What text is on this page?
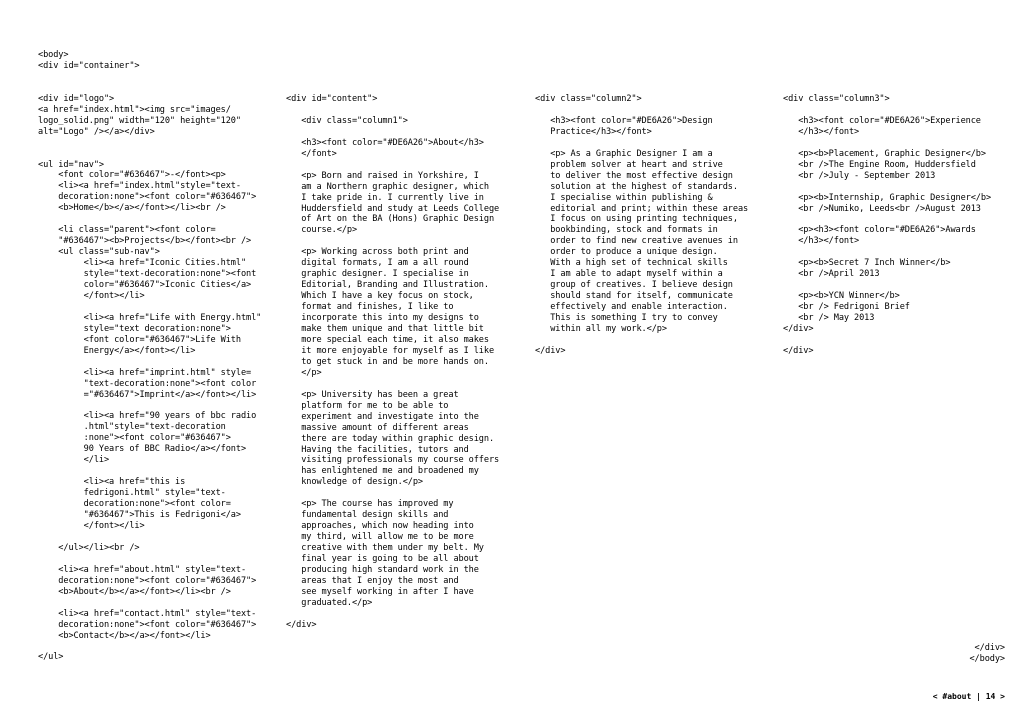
<body>
<div id="container">

<div id="logo">
<a href="index.html"><img src="images/
logo_solid.png" width="120" height="120"
alt="Logo" /></a></div>

<ul id="nav">
<font color="#636467">-</font><p>
<li><a href="index.html"style="text-
decoration:none"><font color="#636467">
<b>Home</b></a></font></li><br />

<li class="parent"><font color=
"#636467"><b>Projects</b></font><br />
<ul class="sub-nav">
<li><a href="Iconic Cities.html"
style="text-decoration:none"><font
color="#636467">Iconic Cities</a>
</font></li>

<li><a href="Life with Energy.html"
style="text decoration:none">
<font color="#636467">Life With
Energy</a></font></li>

<li><a href="imprint.html" style=
"text-decoration:none"><font color
="#636467">Imprint</a></font></li>

<li><a href="90 years of bbc radio
.html"style="text-decoration
:none"><font color="#636467">
90 Years of BBC Radio</a></font>
</li>

<li><a href="this is
fedrigoni.html" style="text-
decoration:none"><font color=
"#636467">This is Fedrigoni</a>
</font></li>

</ul></li><br />

<li><a href="about.html" style="text-
decoration:none"><font color="#636467">
<b>About</b></a></font></li><br />

<li><a href="contact.html" style="text-
decoration:none"><font color="#636467">
<b>Contact</b></a></font></li>

</ul>
<div id="content">

<div class="column1">

<h3><font color="#DE6A26">About</h3>
</font>

<p> Born and raised in Yorkshire, I
am a Northern graphic designer, which
I take pride in. I currently live in
Huddersfield and study at Leeds College
of Art on the BA (Hons) Graphic Design
course.</p>

<p> Working across both print and
digital formats, I am a all round
graphic designer. I specialise in
Editorial, Branding and Illustration.
Which I have a key focus on stock,
format and finishes, I like to
incorporate this into my designs to
make them unique and that little bit
more special each time, it also makes
it more enjoyable for myself as I like
to get stuck in and be more hands on.
</p>

<p> University has been a great
platform for me to be able to
experiment and investigate into the
massive amount of different areas
there are today within graphic design.
Having the facilities, tutors and
visiting professionals my course offers
has enlightened me and broadened my
knowledge of design.</p>

<p> The course has improved my
fundamental design skills and
approaches, which now heading into
my third, will allow me to be more
creative with them under my belt. My
final year is going to be all about
producing high standard work in the
areas that I enjoy the most and
see myself working in after I have
graduated.</p>

</div>
<div class="column2">

<h3><font color="#DE6A26">Design
Practice</h3></font>

<p> As a Graphic Designer I am a
problem solver at heart and strive
to deliver the most effective design
solution at the highest of standards.
I specialise within publishing &
editorial and print; within these areas
I focus on using printing techniques,
bookbinding, stock and formats in
order to find new creative avenues in
order to produce a unique design.
With a high set of technical skills
I am able to adapt myself within a
group of creatives. I believe design
should stand for itself, communicate
effectively and enable interaction.
This is something I try to convey
within all my work.</p>

</div>
<div class="column3">

<h3><font color="#DE6A26">Experience
</h3></font>

<p><b>Placement, Graphic Designer</b>
<br />The Engine Room, Huddersfield
<br />July - September 2013

<p><b>Internship, Graphic Designer</b>
<br />Numiko, Leeds<br />August 2013

<p><h3><font color="#DE6A26">Awards
</h3></font>

<p><b>Secret 7 Inch Winner</b>
<br />April 2013

<p><b>YCN Winner</b>
<br /> Fedrigoni Brief
<br /> May 2013
</div>

</div>
</div>
</body>
< #about | 14 >
